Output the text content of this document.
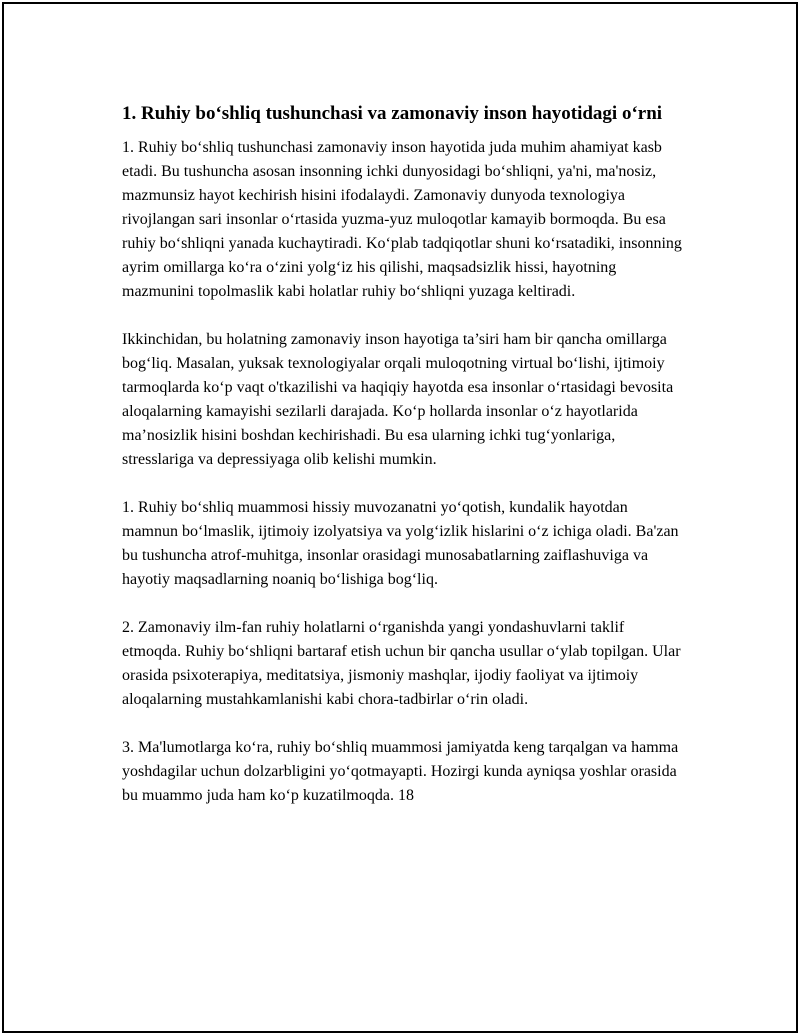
1. Ruhiy bo‘shliq tushunchasi va zamonaviy inson hayotidagi o‘rni

1. Ruhiy bo‘shliq tushunchasi zamonaviy inson hayotida juda muhim ahamiyat kasb etadi. Bu tushuncha asosan insonning ichki dunyosidagi bo‘shliqni, ya'ni, ma'nosiz, mazmunsiz hayot kechirish hisini ifodalaydi. Zamonaviy dunyoda texnologiya rivojlangan sari insonlar o‘rtasida yuzma-yuz muloqotlar kamayib bormoqda. Bu esa ruhiy bo‘shliqni yanada kuchaytiradi. Ko‘plab tadqiqotlar shuni ko‘rsatadiki, insonning ayrim omillarga ko‘ra o‘zini yolg‘iz his qilishi, maqsadsizlik hissi, hayotning mazmunini topolmaslik kabi holatlar ruhiy bo‘shliqni yuzaga keltiradi.

Ikkinchidan, bu holatning zamonaviy inson hayotiga ta’siri ham bir qancha omillarga bog‘liq. Masalan, yuksak texnologiyalar orqali muloqotning virtual bo‘lishi, ijtimoiy tarmoqlarda ko‘p vaqt o'tkazilishi va haqiqiy hayotda esa insonlar o‘rtasidagi bevosita aloqalarning kamayishi sezilarli darajada. Ko‘p hollarda insonlar o‘z hayotlarida ma’nosizlik hisini boshdan kechirishadi. Bu esa ularning ichki tug‘yonlariga, stresslariga va depressiyaga olib kelishi mumkin.

1. Ruhiy bo‘shliq muammosi hissiy muvozanatni yo‘qotish, kundalik hayotdan mamnun bo‘lmaslik, ijtimoiy izolyatsiya va yolg‘izlik hislarini o‘z ichiga oladi. Ba'zan bu tushuncha atrof-muhitga, insonlar orasidagi munosabatlarning zaiflashuviga va hayotiy maqsadlarning noaniq bo‘lishiga bog‘liq.

2. Zamonaviy ilm-fan ruhiy holatlarni o‘rganishda yangi yondashuvlarni taklif etmoqda. Ruhiy bo‘shliqni bartaraf etish uchun bir qancha usullar o‘ylab topilgan. Ular orasida psixoterapiya, meditatsiya, jismoniy mashqlar, ijodiy faoliyat va ijtimoiy aloqalarning mustahkamlanishi kabi chora-tadbirlar o‘rin oladi.

3. Ma'lumotlarga ko‘ra, ruhiy bo‘shliq muammosi jamiyatda keng tarqalgan va hamma yoshdagilar uchun dolzarbligini yo‘qotmayapti. Hozirgi kunda ayniqsa yoshlar orasida bu muammo juda ham ko‘p kuzatilmoqda. 18
